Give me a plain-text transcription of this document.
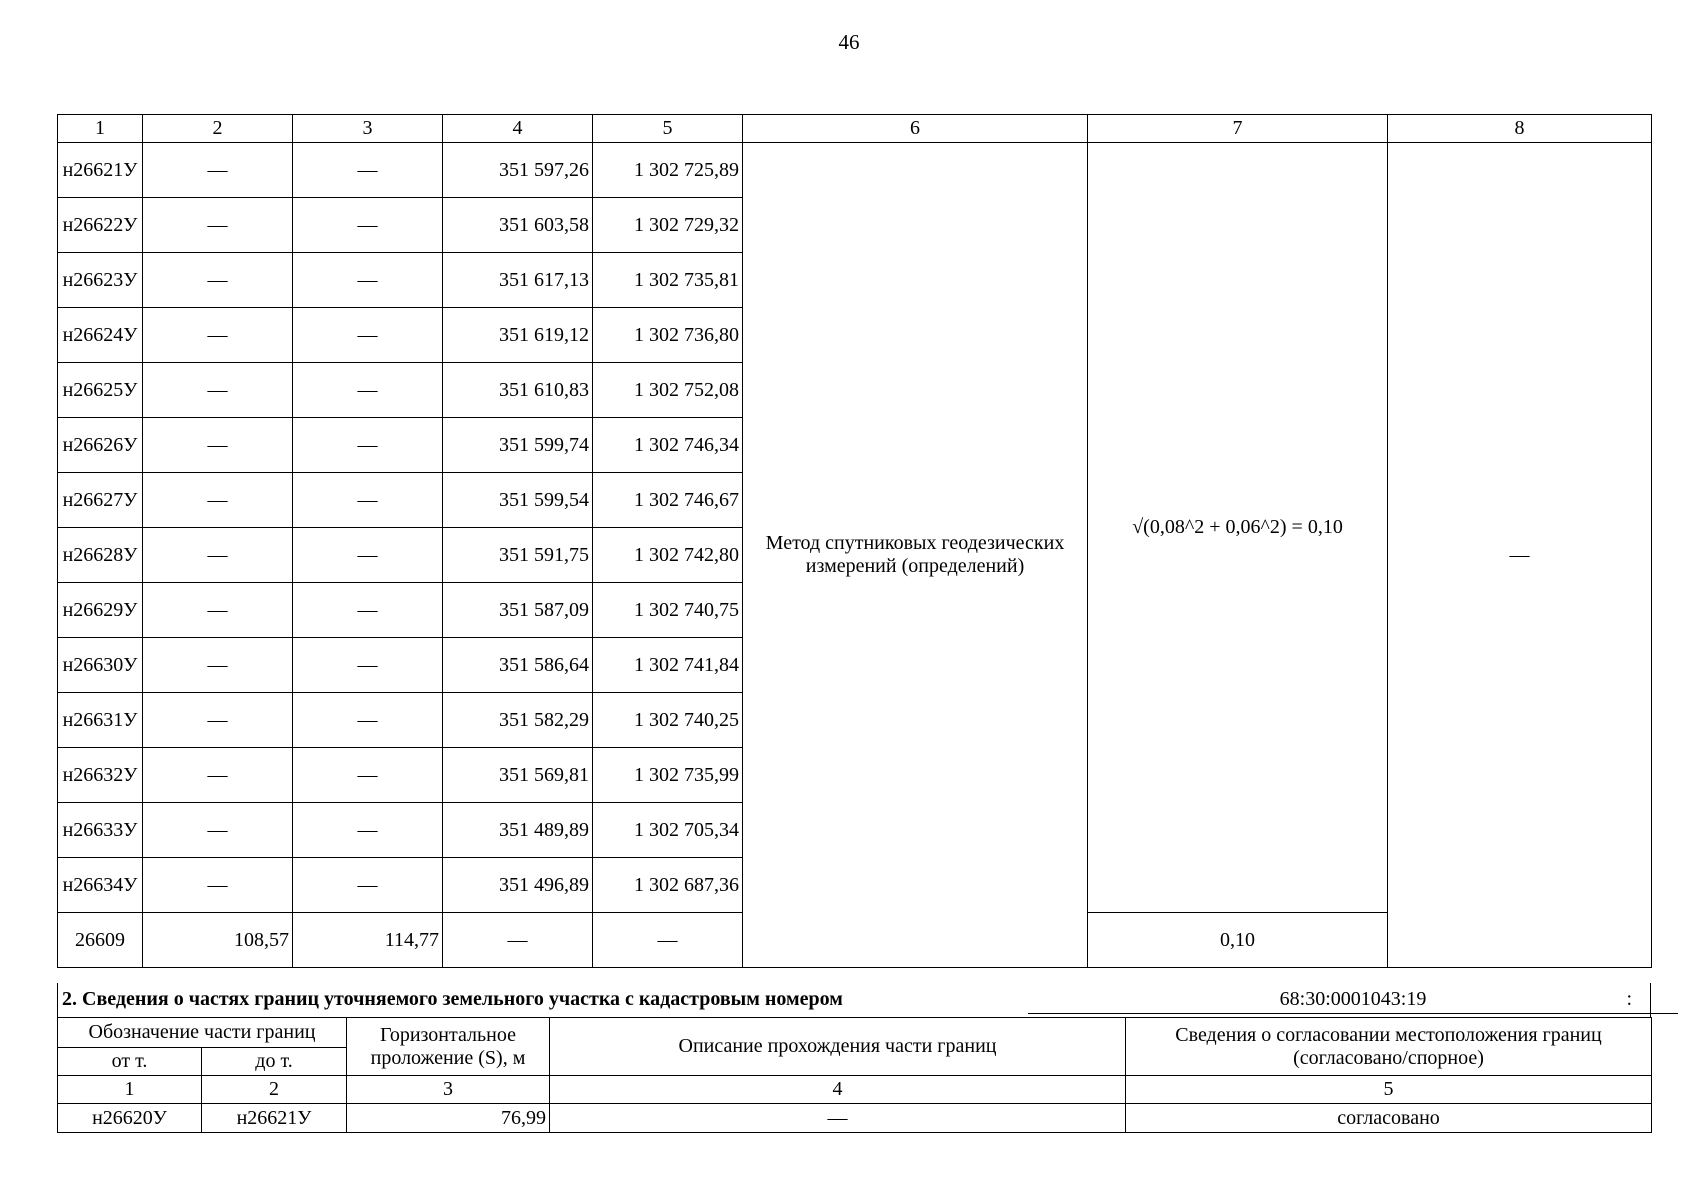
46
1	2	3	4	5	6	7	8
н26621У	—	—	351 597,26	1 302 725,89	Метод спутниковых геодезических измерений (определений)	√(0,08^2 + 0,06^2) = 0,10	—
н26622У	—	—	351 603,58	1 302 729,32			
н26623У	—	—	351 617,13	1 302 735,81			
н26624У	—	—	351 619,12	1 302 736,80			
н26625У	—	—	351 610,83	1 302 752,08			
н26626У	—	—	351 599,74	1 302 746,34			
н26627У	—	—	351 599,54	1 302 746,67			
н26628У	—	—	351 591,75	1 302 742,80			
н26629У	—	—	351 587,09	1 302 740,75			
н26630У	—	—	351 586,64	1 302 741,84			
н26631У	—	—	351 582,29	1 302 740,25			
н26632У	—	—	351 569,81	1 302 735,99			
н26633У	—	—	351 489,89	1 302 705,34			
н26634У	—	—	351 496,89	1 302 687,36			
26609	108,57	114,77	—	—		0,10	
2. Сведения о частях границ уточняемого земельного участка с кадастровым номером	68:30:0001043:19	:
Обозначение части границ		Горизонтальное проложение (S), м	Описание прохождения части границ	Сведения о согласовании местоположения границ (согласовано/спорное)
от т.	до т.			
1	2	3	4	5
н26620У	н26621У	76,99	—	согласовано
